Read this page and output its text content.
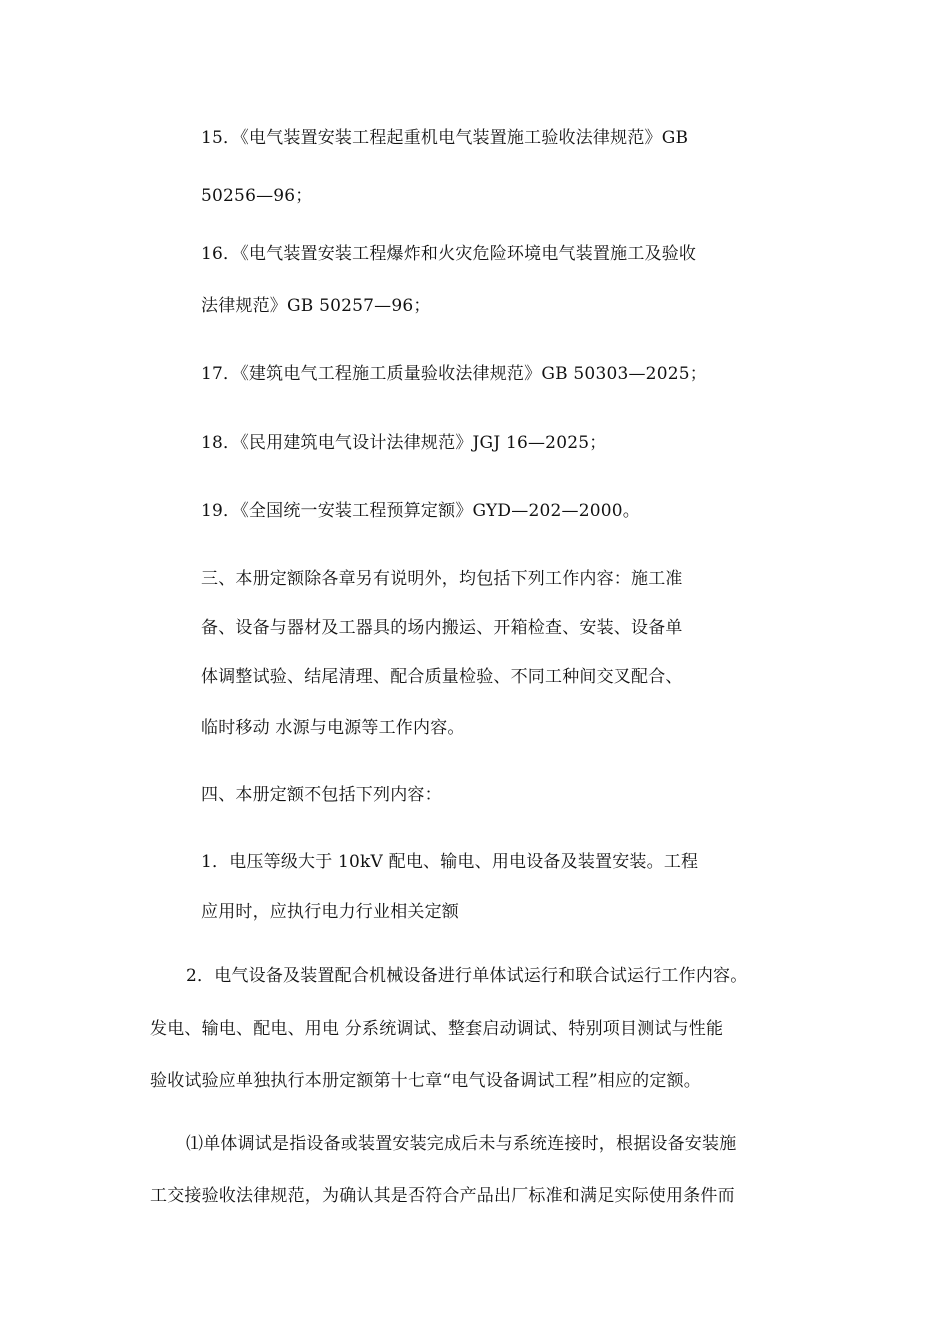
15．《电气装置安装工程起重机电气装置施工验收法律规范》GB
50256—96；
16．《电气装置安装工程爆炸和火灾危险环境电气装置施工及验收
法律规范》GB 50257—96；
17．《建筑电气工程施工质量验收法律规范》GB 50303—2025；
18．《民用建筑电气设计法律规范》JGJ 16—2025；
19．《全国统一安装工程预算定额》GYD—202—2000。
三、本册定额除各章另有说明外，均包括下列工作内容：施工准
备、设备与器材及工器具的场内搬运、开箱检查、安装、设备单
体调整试验、结尾清理、配合质量检验、不同工种间交叉配合、
临时移动 水源与电源等工作内容。
四、本册定额不包括下列内容：
1．电压等级大于 10kV 配电、输电、用电设备及装置安装。工程
应用时，应执行电力行业相关定额
2．电气设备及装置配合机械设备进行单体试运行和联合试运行工作内容。
发电、输电、配电、用电 分系统调试、整套启动调试、特别项目测试与性能
验收试验应单独执行本册定额第十七章“电气设备调试工程”相应的定额。
⑴单体调试是指设备或装置安装完成后未与系统连接时，根据设备安装施
工交接验收法律规范，为确认其是否符合产品出厂标准和满足实际使用条件而
